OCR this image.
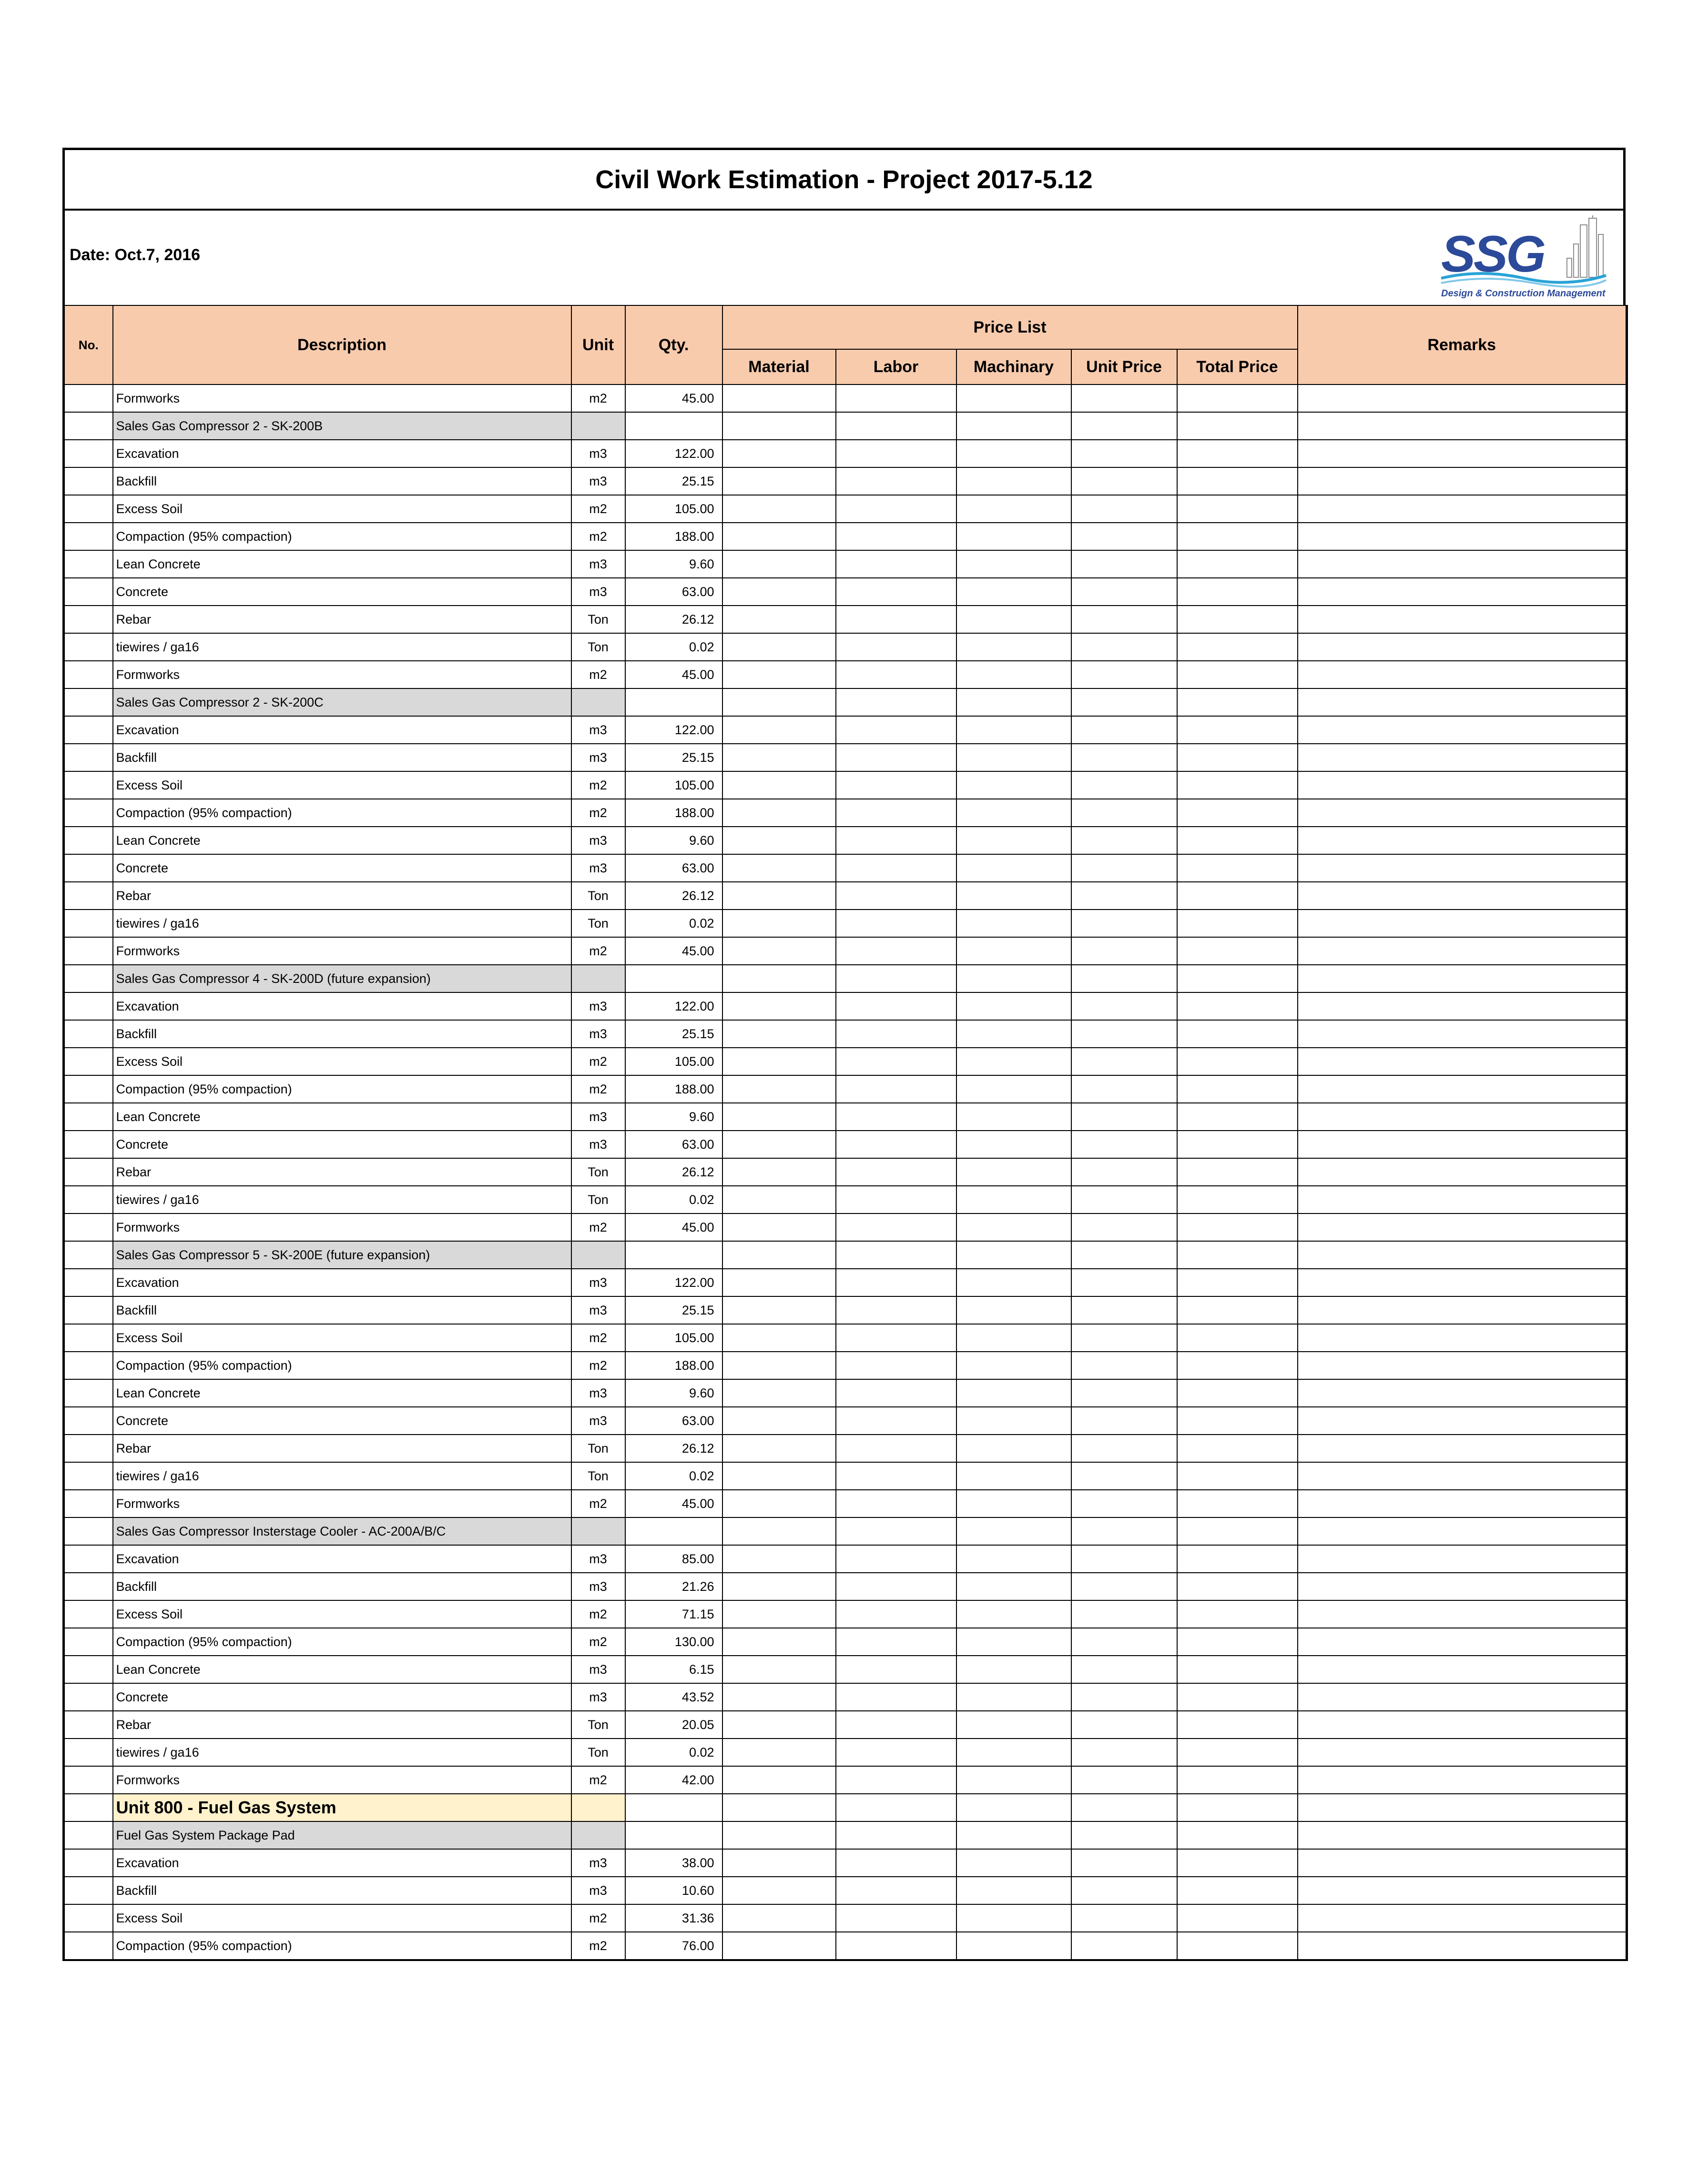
Civil Work Estimation - Project 2017-5.12
Date: Oct.7, 2016	SSG
Design & Construction Management
No.	Description	Unit	Qty.	Price List					Remarks
				Material	Labor	Machinary	Unit Price	Total Price	
	Formworks	m2	45.00						
	Sales Gas Compressor 2 - SK-200B								
	Excavation	m3	122.00						
	Backfill	m3	25.15						
	Excess Soil	m2	105.00						
	Compaction (95% compaction)	m2	188.00						
	Lean Concrete	m3	9.60						
	Concrete	m3	63.00						
	Rebar	Ton	26.12						
	tiewires / ga16	Ton	0.02						
	Formworks	m2	45.00						
	Sales Gas Compressor 2 - SK-200C								
	Excavation	m3	122.00						
	Backfill	m3	25.15						
	Excess Soil	m2	105.00						
	Compaction (95% compaction)	m2	188.00						
	Lean Concrete	m3	9.60						
	Concrete	m3	63.00						
	Rebar	Ton	26.12						
	tiewires / ga16	Ton	0.02						
	Formworks	m2	45.00						
	Sales Gas Compressor 4 - SK-200D (future expansion)								
	Excavation	m3	122.00						
	Backfill	m3	25.15						
	Excess Soil	m2	105.00						
	Compaction (95% compaction)	m2	188.00						
	Lean Concrete	m3	9.60						
	Concrete	m3	63.00						
	Rebar	Ton	26.12						
	tiewires / ga16	Ton	0.02						
	Formworks	m2	45.00						
	Sales Gas Compressor 5 - SK-200E (future expansion)								
	Excavation	m3	122.00						
	Backfill	m3	25.15						
	Excess Soil	m2	105.00						
	Compaction (95% compaction)	m2	188.00						
	Lean Concrete	m3	9.60						
	Concrete	m3	63.00						
	Rebar	Ton	26.12						
	tiewires / ga16	Ton	0.02						
	Formworks	m2	45.00						
	Sales Gas Compressor Insterstage Cooler - AC-200A/B/C								
	Excavation	m3	85.00						
	Backfill	m3	21.26						
	Excess Soil	m2	71.15						
	Compaction (95% compaction)	m2	130.00						
	Lean Concrete	m3	6.15						
	Concrete	m3	43.52						
	Rebar	Ton	20.05						
	tiewires / ga16	Ton	0.02						
	Formworks	m2	42.00						
	Unit 800 - Fuel Gas System								
	Fuel Gas System Package Pad								
	Excavation	m3	38.00						
	Backfill	m3	10.60						
	Excess Soil	m2	31.36						
	Compaction (95% compaction)	m2	76.00						
